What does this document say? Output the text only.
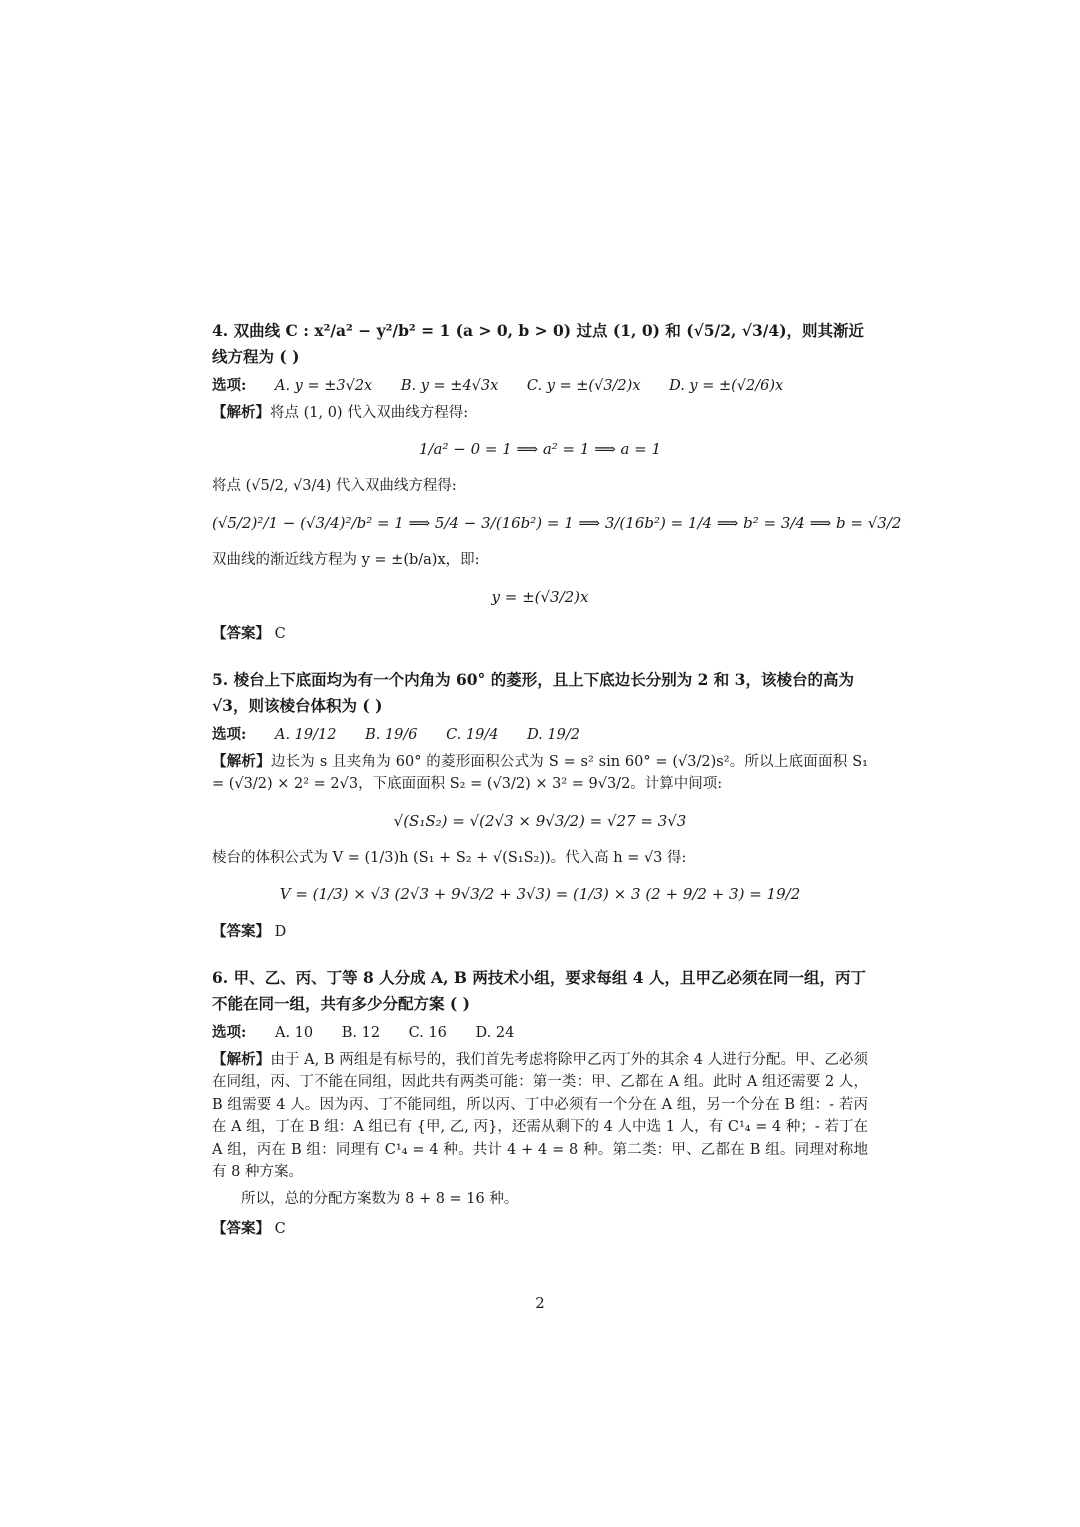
4. 双曲线 C : x²/a² − y²/b² = 1 (a > 0, b > 0) 过点 (1, 0) 和 (√5/2, √3/4)，则其渐近线方程为 ( )

选项: A. y = ±3√2x B. y = ±4√3x C. y = ±(√3/2)x D. y = ±(√2/6)x
【解析】将点 (1, 0) 代入双曲线方程得:
1/a² − 0 = 1 ⟹ a² = 1 ⟹ a = 1
将点 (√5/2, √3/4) 代入双曲线方程得:
(√5/2)²/1 − (√3/4)²/b² = 1 ⟹ 5/4 − 3/(16b²) = 1 ⟹ 3/(16b²) = 1/4 ⟹ b² = 3/4 ⟹ b = √3/2
双曲线的渐近线方程为 y = ±(b/a)x，即:
y = ±(√3/2)x
【答案】 C

5. 棱台上下底面均为有一个内角为 60° 的菱形，且上下底边长分别为 2 和 3，该棱台的高为 √3，则该棱台体积为 ( )

选项: A. 19/12 B. 19/6 C. 19/4 D. 19/2
【解析】边长为 s 且夹角为 60° 的菱形面积公式为 S = s² sin 60° = (√3/2)s²。所以上底面面积 S₁ = (√3/2) × 2² = 2√3，下底面面积 S₂ = (√3/2) × 3² = 9√3/2。计算中间项:
√(S₁S₂) = √(2√3 × 9√3/2) = √27 = 3√3
棱台的体积公式为 V = (1/3)h (S₁ + S₂ + √(S₁S₂))。代入高 h = √3 得:
V = (1/3) × √3 (2√3 + 9√3/2 + 3√3) = (1/3) × 3 (2 + 9/2 + 3) = 19/2
【答案】 D

6. 甲、乙、丙、丁等 8 人分成 A, B 两技术小组，要求每组 4 人，且甲乙必须在同一组，丙丁不能在同一组，共有多少分配方案 ( )

选项: A. 10 B. 12 C. 16 D. 24
【解析】由于 A, B 两组是有标号的，我们首先考虑将除甲乙丙丁外的其余 4 人进行分配。甲、乙必须在同组，丙、丁不能在同组，因此共有两类可能：第一类：甲、乙都在 A 组。此时 A 组还需要 2 人，B 组需要 4 人。因为丙、丁不能同组，所以丙、丁中必须有一个分在 A 组，另一个分在 B 组：- 若丙在 A 组，丁在 B 组：A 组已有 {甲, 乙, 丙}，还需从剩下的 4 人中选 1 人，有 C¹₄ = 4 种；- 若丁在 A 组，丙在 B 组：同理有 C¹₄ = 4 种。共计 4 + 4 = 8 种。第二类：甲、乙都在 B 组。同理对称地有 8 种方案。
所以，总的分配方案数为 8 + 8 = 16 种。
【答案】 C
2
